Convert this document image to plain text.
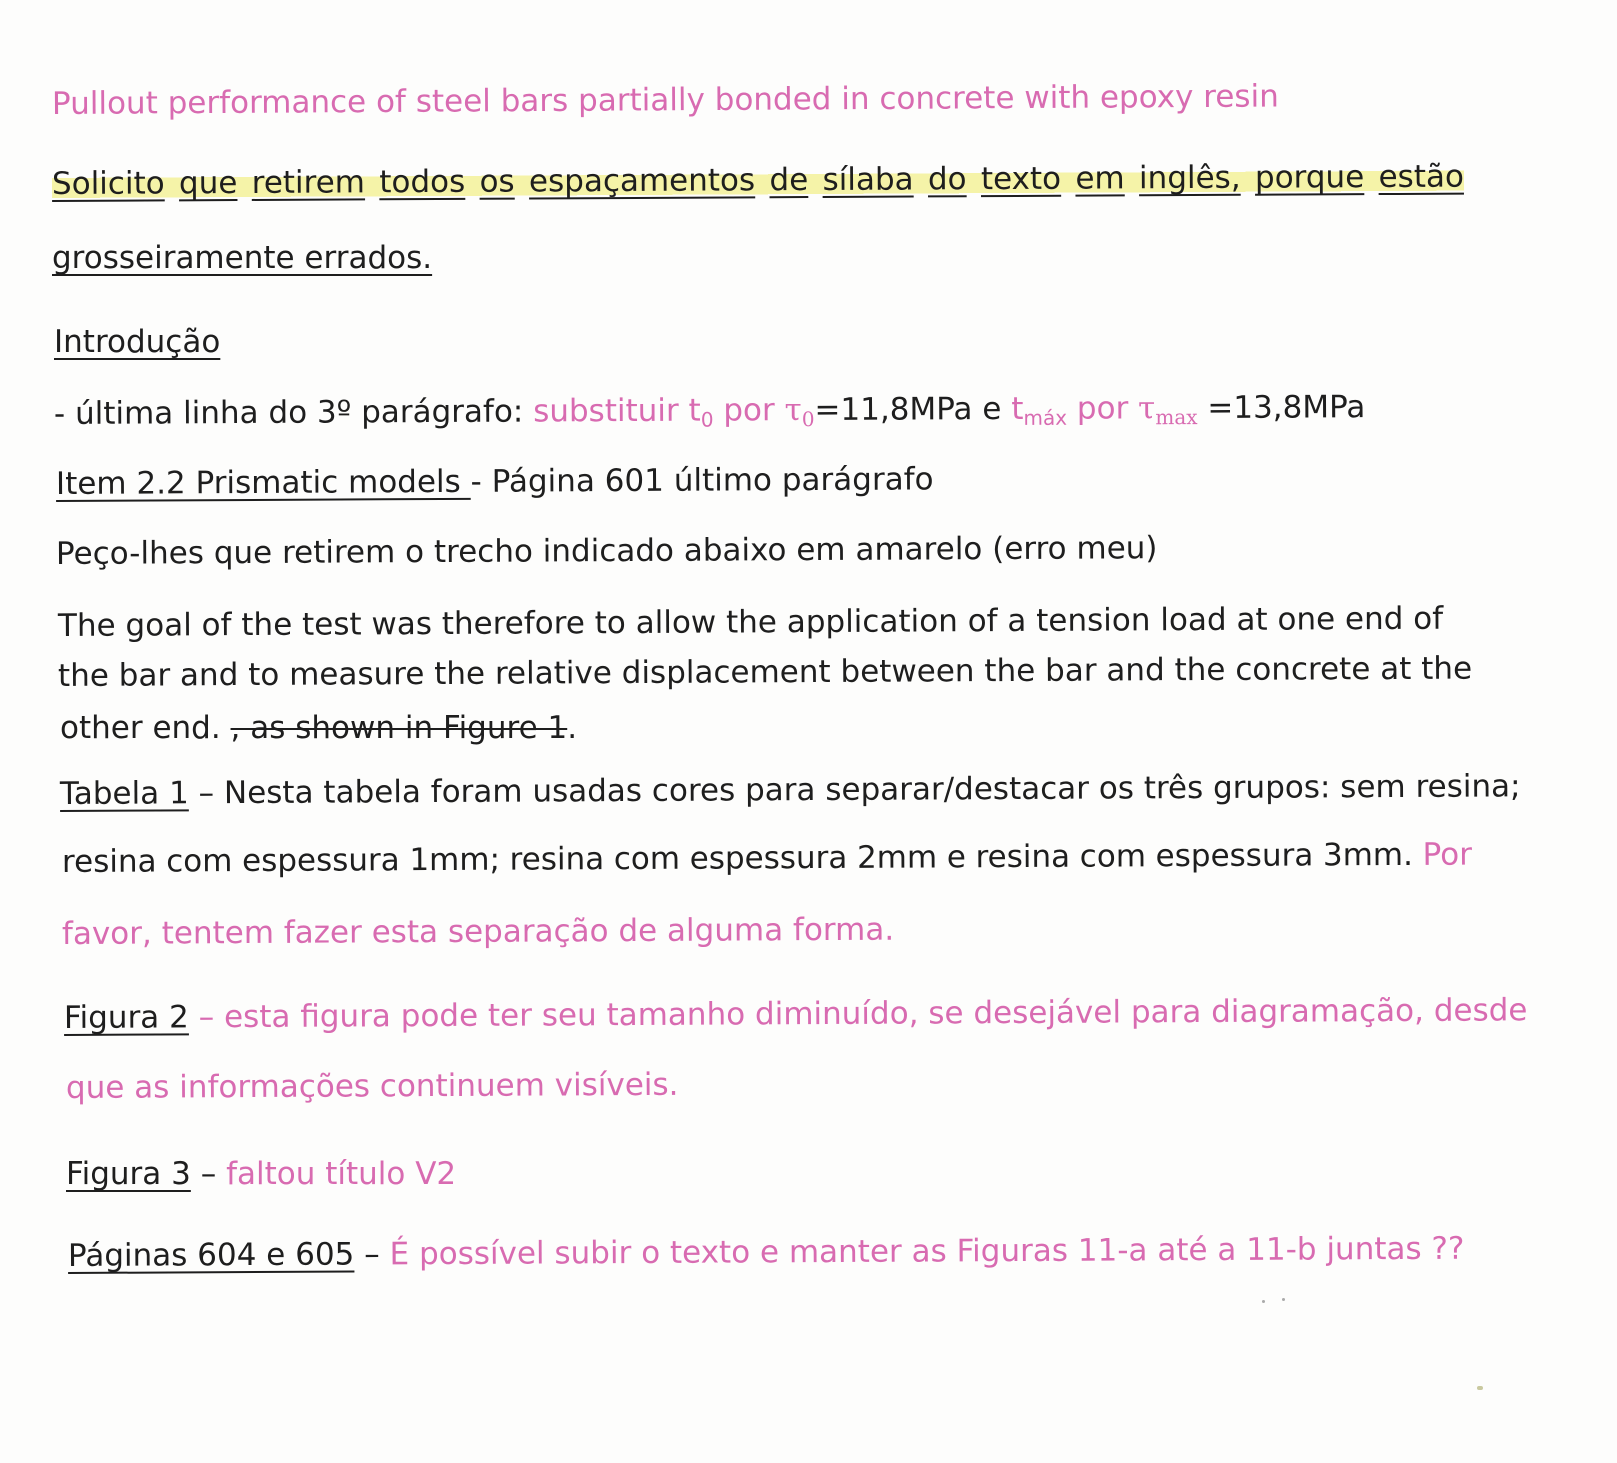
Pullout performance of steel bars partially bonded in concrete with epoxy resin
Solicito que retirem todos os espaçamentos de sílaba do texto em inglês, porque estão
grosseiramente errados.
Introdução
- última linha do 3º parágrafo: substituir $t_0$ por $\tau_0=11,8MPa$ e $t_{máx}$ por $\tau_{max} =13,8MPa$
Item 2.2 Prismatic models - Página 601 último parágrafo
Peço-lhes que retirem o trecho indicado abaixo em amarelo (erro meu)
The goal of the test was therefore to allow the application of a tension load at one end of
the bar and to measure the relative displacement between the bar and the concrete at the
other end. , as shown in Figure 1.
Tabela 1 – Nesta tabela foram usadas cores para separar/destacar os três grupos: sem resina;
resina com espessura 1mm; resina com espessura 2mm e resina com espessura 3mm. Por
favor, tentem fazer esta separação de alguma forma.
Figura 2 – esta figura pode ter seu tamanho diminuído, se desejável para diagramação, desde
que as informações continuem visíveis.
Figura 3 – faltou título V2
Páginas 604 e 605 – É possível subir o texto e manter as Figuras 11-a até a 11-b juntas ??
